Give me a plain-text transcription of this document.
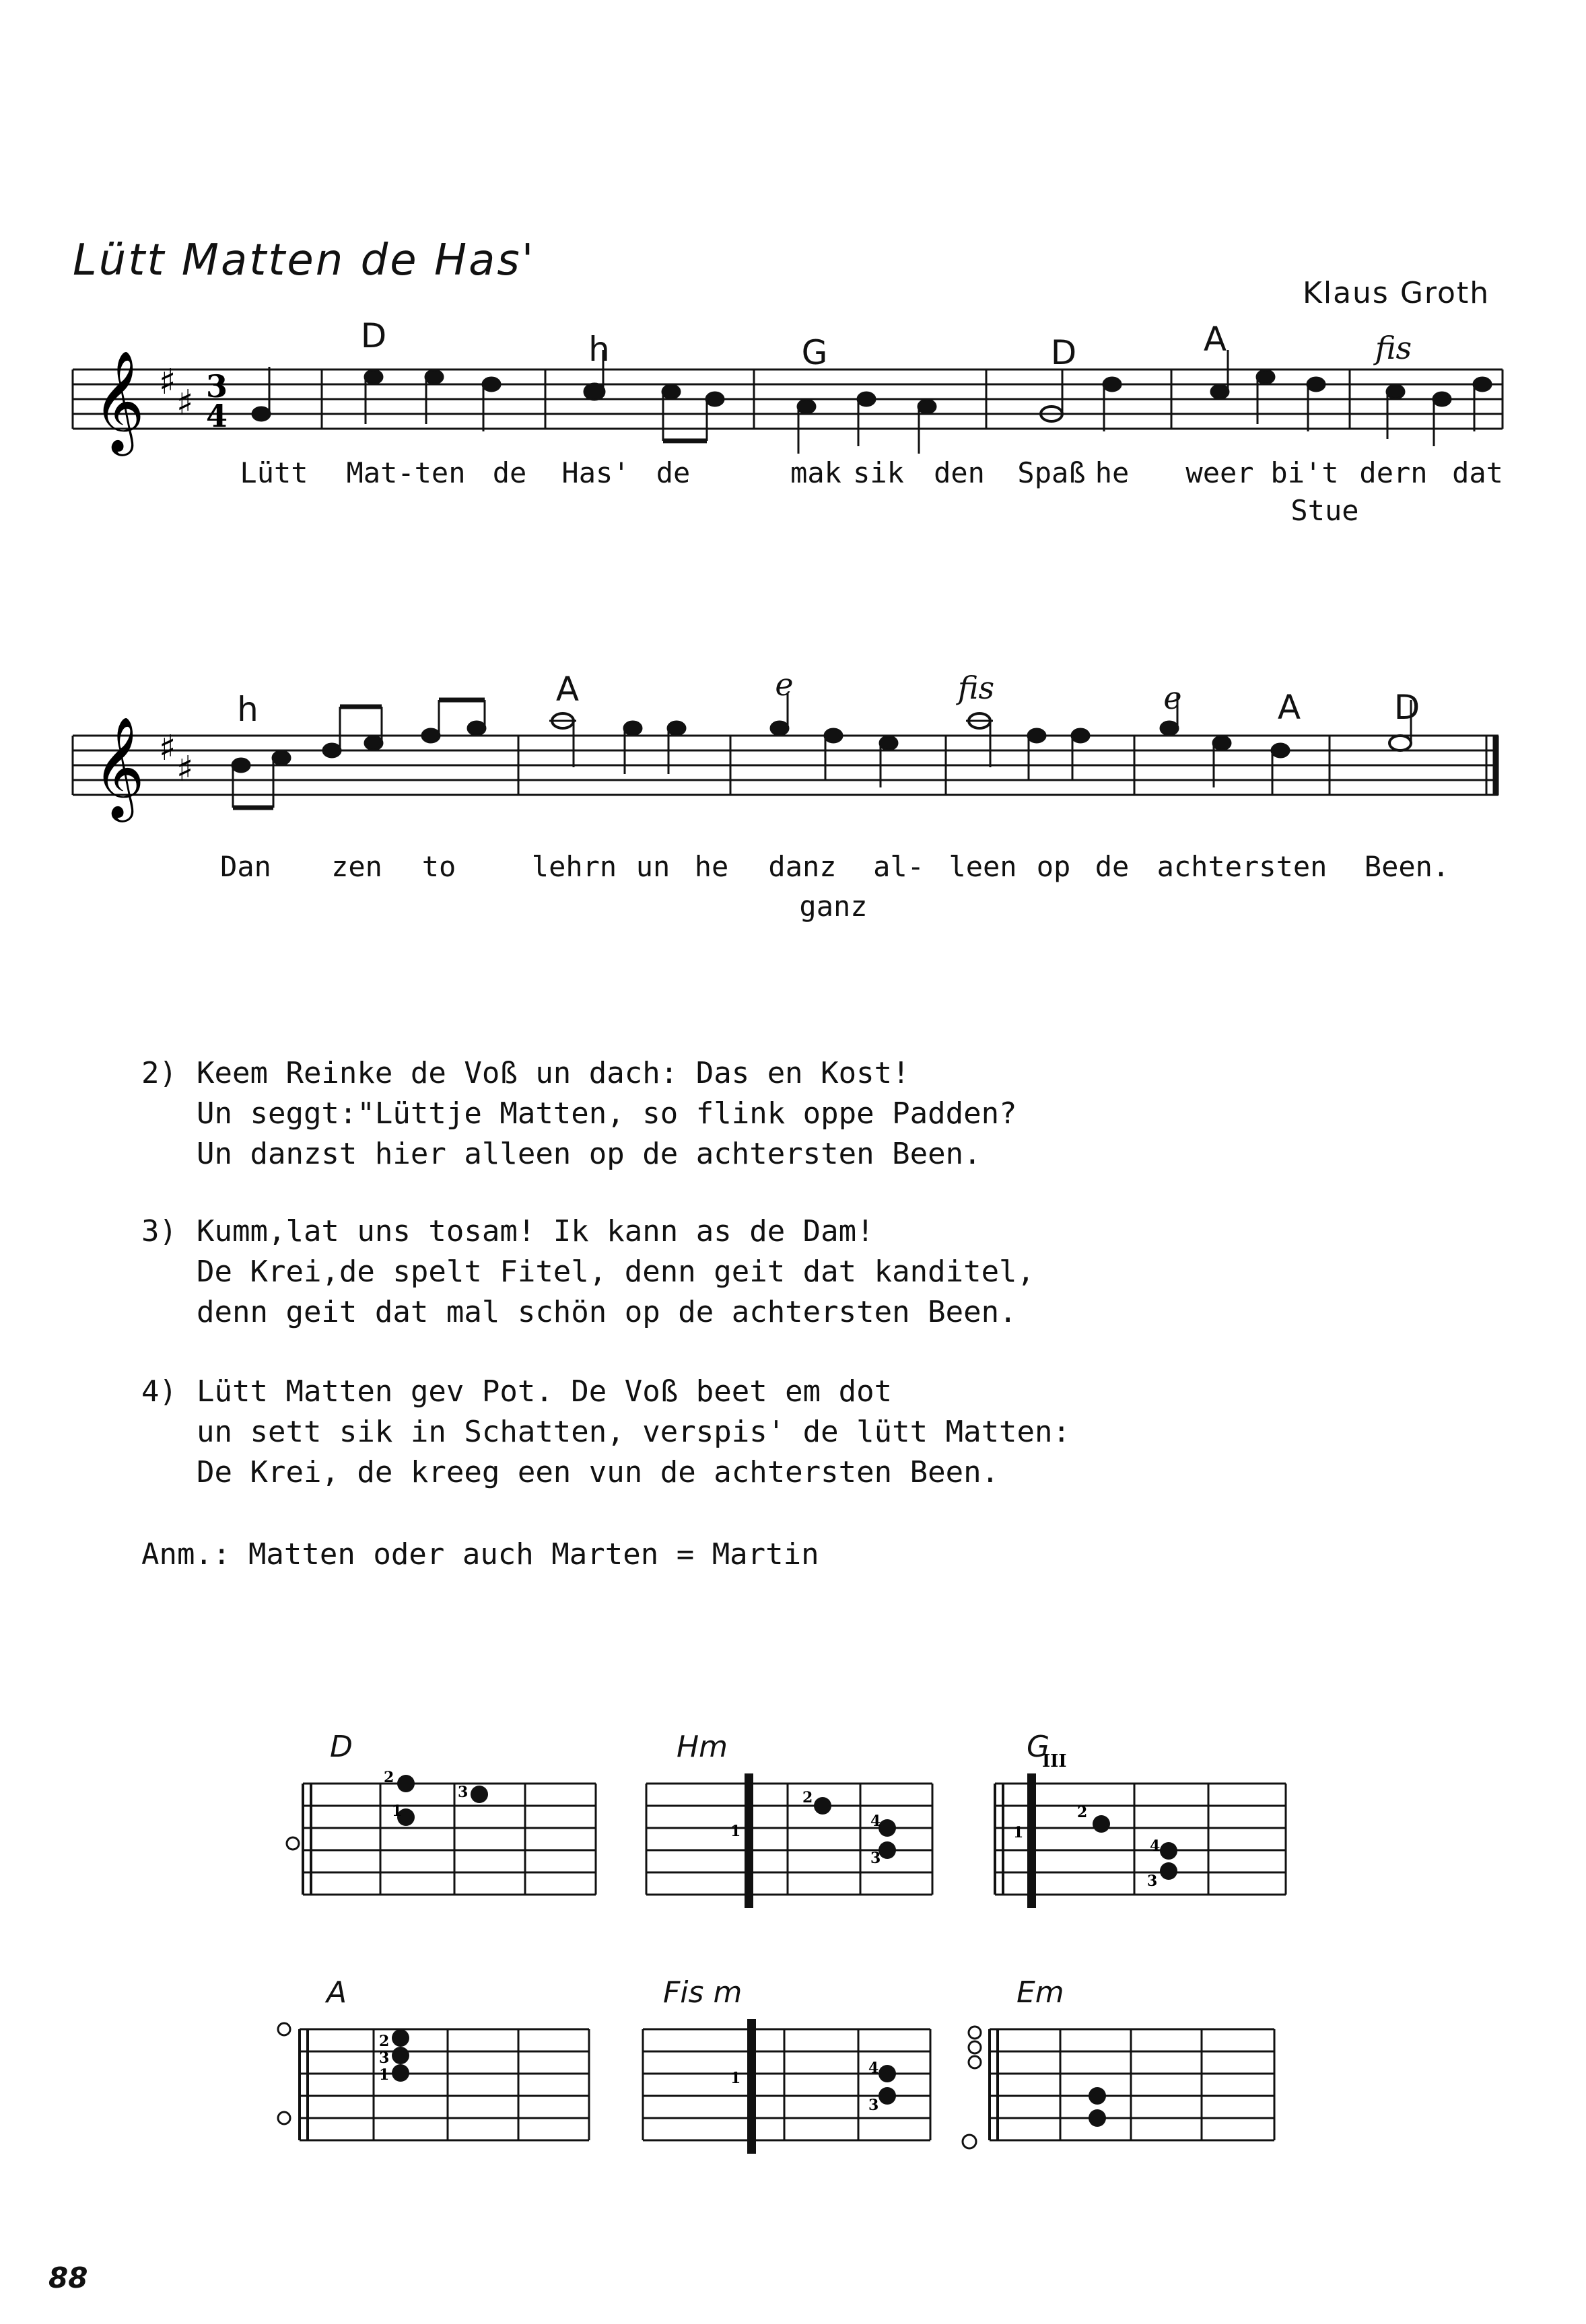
Lütt Matten de Has'
Klaus Groth
D	h	G	D	A	fis
𝄞 ♯
♯ 3
4
Lütt Mat-ten de Has' de	mak sik den Spaß he weer bi't dern dat
Stue
h
A	e	fis	e	A	D
𝄞 ♯
♯
Dan zen to	lehrn un he danz al- leen op de achtersten Been.
ganz
2) Keem Reinke de Voß un dach: Das en Kost!
Un seggt:"Lüttje Matten, so flink oppe Padden?
Un danzst hier alleen op de achtersten Been.
3) Kumm,lat uns tosam! Ik kann as de Dam!
De Krei,de spelt Fitel, denn geit dat kanditel,
denn geit dat mal schön op de achtersten Been.
4) Lütt Matten gev Pot. De Voß beet em dot
un sett sik in Schatten, verspis' de lütt Matten:
De Krei, de kreeg een vun de achtersten Been.
Anm.: Matten oder auch Marten = Martin
D	Hm	G
A	Fis m	Em
1
2
3
1
2
3
4
III
1
2
3
4
1
2
3
1
3
4
88
